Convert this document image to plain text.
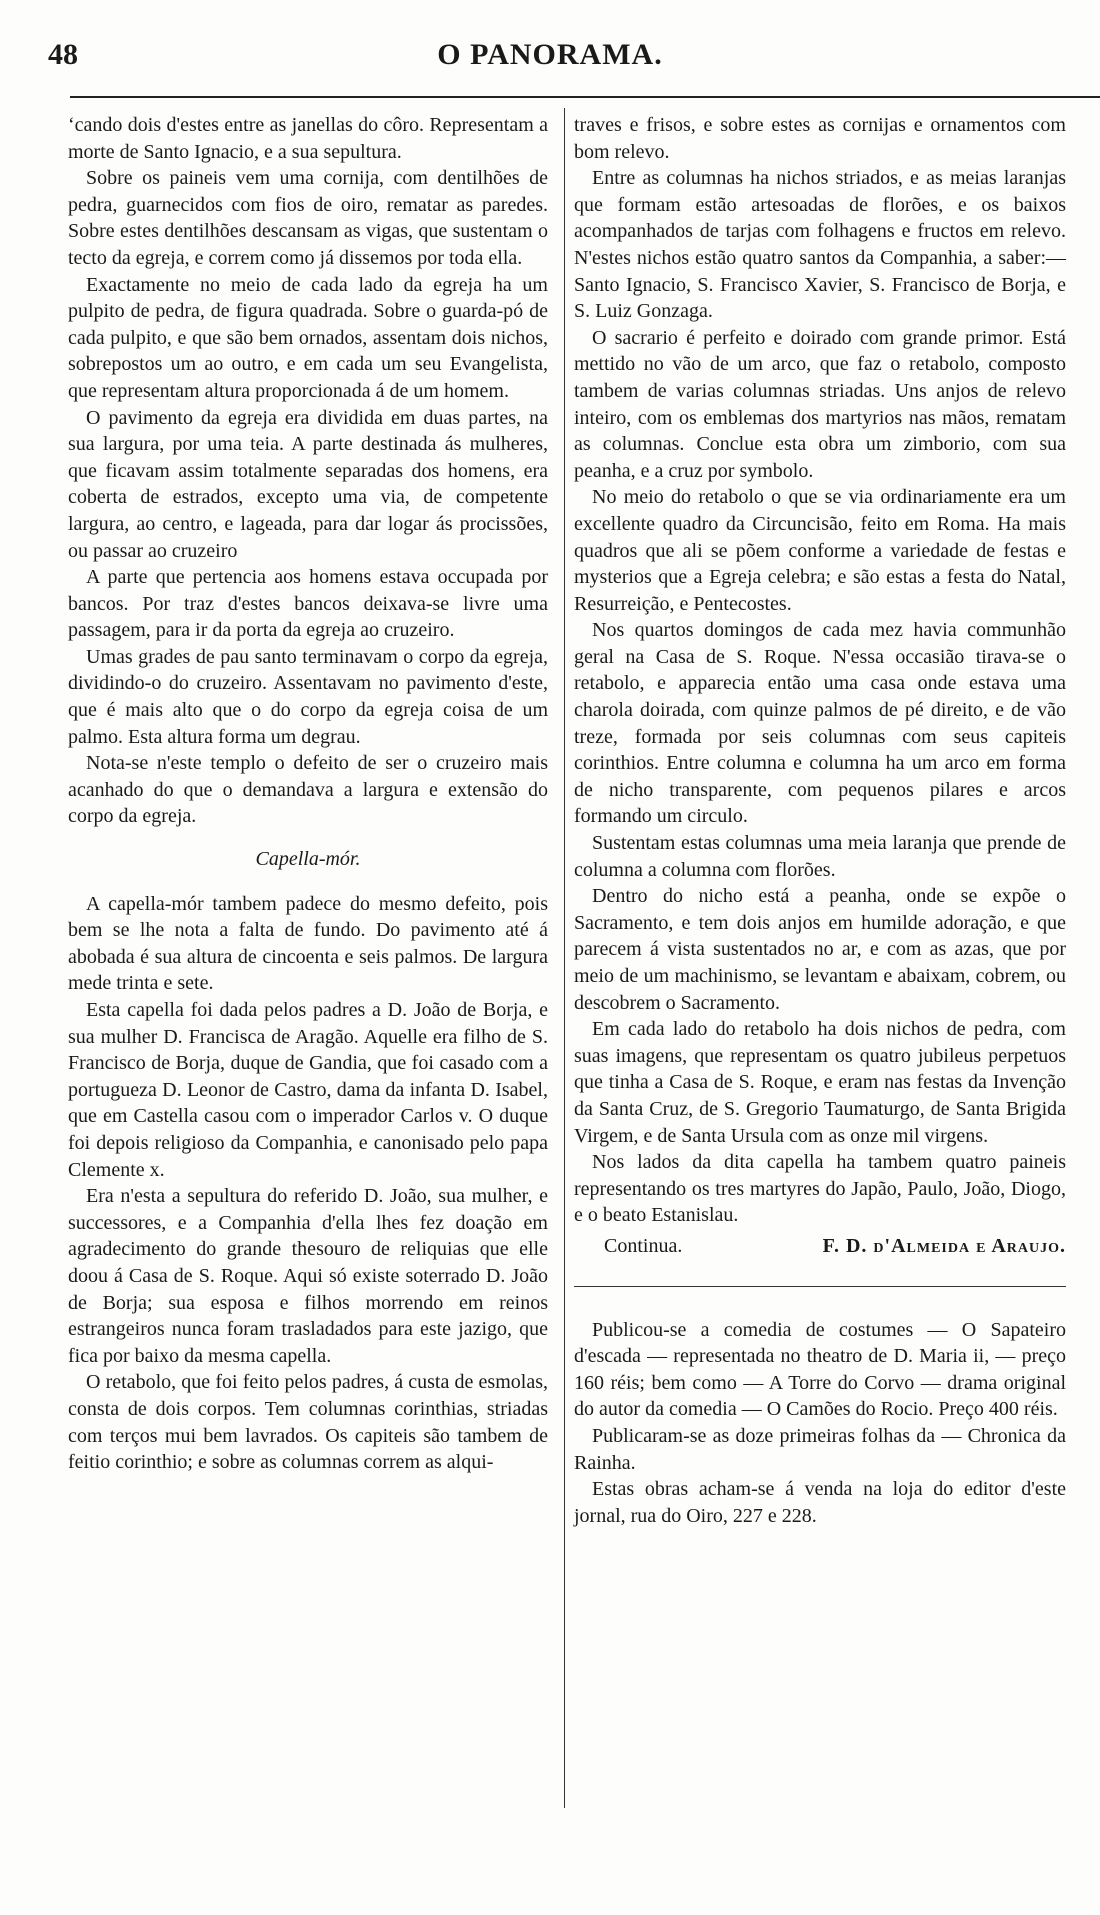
48	O PANORAMA.

ʻcando dois d'estes entre as janellas do côro. Representam a morte de Santo Ignacio, e a sua sepultura.

Sobre os paineis vem uma cornija, com dentilhões de pedra, guarnecidos com fios de oiro, rematar as paredes. Sobre estes dentilhões descansam as vigas, que sustentam o tecto da egreja, e correm como já dissemos por toda ella.

Exactamente no meio de cada lado da egreja ha um pulpito de pedra, de figura quadrada. Sobre o guarda-pó de cada pulpito, e que são bem ornados, assentam dois nichos, sobrepostos um ao outro, e em cada um seu Evangelista, que representam altura proporcionada á de um homem.

O pavimento da egreja era dividida em duas partes, na sua largura, por uma teia. A parte destinada ás mulheres, que ficavam assim totalmente separadas dos homens, era coberta de estrados, excepto uma via, de competente largura, ao centro, e lageada, para dar logar ás procissões, ou passar ao cruzeiro

A parte que pertencia aos homens estava occupada por bancos. Por traz d'estes bancos deixava-se livre uma passagem, para ir da porta da egreja ao cruzeiro.

Umas grades de pau santo terminavam o corpo da egreja, dividindo-o do cruzeiro. Assentavam no pavimento d'este, que é mais alto que o do corpo da egreja coisa de um palmo. Esta altura forma um degrau.

Nota-se n'este templo o defeito de ser o cruzeiro mais acanhado do que o demandava a largura e extensão do corpo da egreja.

Capella-mór.

A capella-mór tambem padece do mesmo defeito, pois bem se lhe nota a falta de fundo. Do pavimento até á abobada é sua altura de cincoenta e seis palmos. De largura mede trinta e sete.

Esta capella foi dada pelos padres a D. João de Borja, e sua mulher D. Francisca de Aragão. Aquelle era filho de S. Francisco de Borja, duque de Gandia, que foi casado com a portugueza D. Leonor de Castro, dama da infanta D. Isabel, que em Castella casou com o imperador Carlos v. O duque foi depois religioso da Companhia, e canonisado pelo papa Clemente x.

Era n'esta a sepultura do referido D. João, sua mulher, e successores, e a Companhia d'ella lhes fez doação em agradecimento do grande thesouro de reliquias que elle doou á Casa de S. Roque. Aqui só existe soterrado D. João de Borja; sua esposa e filhos morrendo em reinos estrangeiros nunca foram trasladados para este jazigo, que fica por baixo da mesma capella.

O retabolo, que foi feito pelos padres, á custa de esmolas, consta de dois corpos. Tem columnas corinthias, striadas com terços mui bem lavrados. Os capiteis são tambem de feitio corinthio; e sobre as columnas correm as alqui-

traves e frisos, e sobre estes as cornijas e ornamentos com bom relevo.

Entre as columnas ha nichos striados, e as meias laranjas que formam estão artesoadas de florões, e os baixos acompanhados de tarjas com folhagens e fructos em relevo. N'estes nichos estão quatro santos da Companhia, a saber:—Santo Ignacio, S. Francisco Xavier, S. Francisco de Borja, e S. Luiz Gonzaga.

O sacrario é perfeito e doirado com grande primor. Está mettido no vão de um arco, que faz o retabolo, composto tambem de varias columnas striadas. Uns anjos de relevo inteiro, com os emblemas dos martyrios nas mãos, rematam as columnas. Conclue esta obra um zimborio, com sua peanha, e a cruz por symbolo.

No meio do retabolo o que se via ordinariamente era um excellente quadro da Circuncisão, feito em Roma. Ha mais quadros que ali se põem conforme a variedade de festas e mysterios que a Egreja celebra; e são estas a festa do Natal, Resurreição, e Pentecostes.

Nos quartos domingos de cada mez havia communhão geral na Casa de S. Roque. N'essa occasião tirava-se o retabolo, e apparecia então uma casa onde estava uma charola doirada, com quinze palmos de pé direito, e de vão treze, formada por seis columnas com seus capiteis corinthios. Entre columna e columna ha um arco em forma de nicho transparente, com pequenos pilares e arcos formando um circulo.

Sustentam estas columnas uma meia laranja que prende de columna a columna com florões.

Dentro do nicho está a peanha, onde se expõe o Sacramento, e tem dois anjos em humilde adoração, e que parecem á vista sustentados no ar, e com as azas, que por meio de um machinismo, se levantam e abaixam, cobrem, ou descobrem o Sacramento.

Em cada lado do retabolo ha dois nichos de pedra, com suas imagens, que representam os quatro jubileus perpetuos que tinha a Casa de S. Roque, e eram nas festas da Invenção da Santa Cruz, de S. Gregorio Taumaturgo, de Santa Brigida Virgem, e de Santa Ursula com as onze mil virgens.

Nos lados da dita capella ha tambem quatro paineis representando os tres martyres do Japão, Paulo, João, Diogo, e o beato Estanislau.

Continua.	F. D. d'Almeida e Araujo.

Publicou-se a comedia de costumes — O Sapateiro d'escada — representada no theatro de D. Maria ii, — preço 160 réis; bem como — A Torre do Corvo — drama original do autor da comedia — O Camões do Rocio. Preço 400 réis.

Publicaram-se as doze primeiras folhas da — Chronica da Rainha.

Estas obras acham-se á venda na loja do editor d'este jornal, rua do Oiro, 227 e 228.
